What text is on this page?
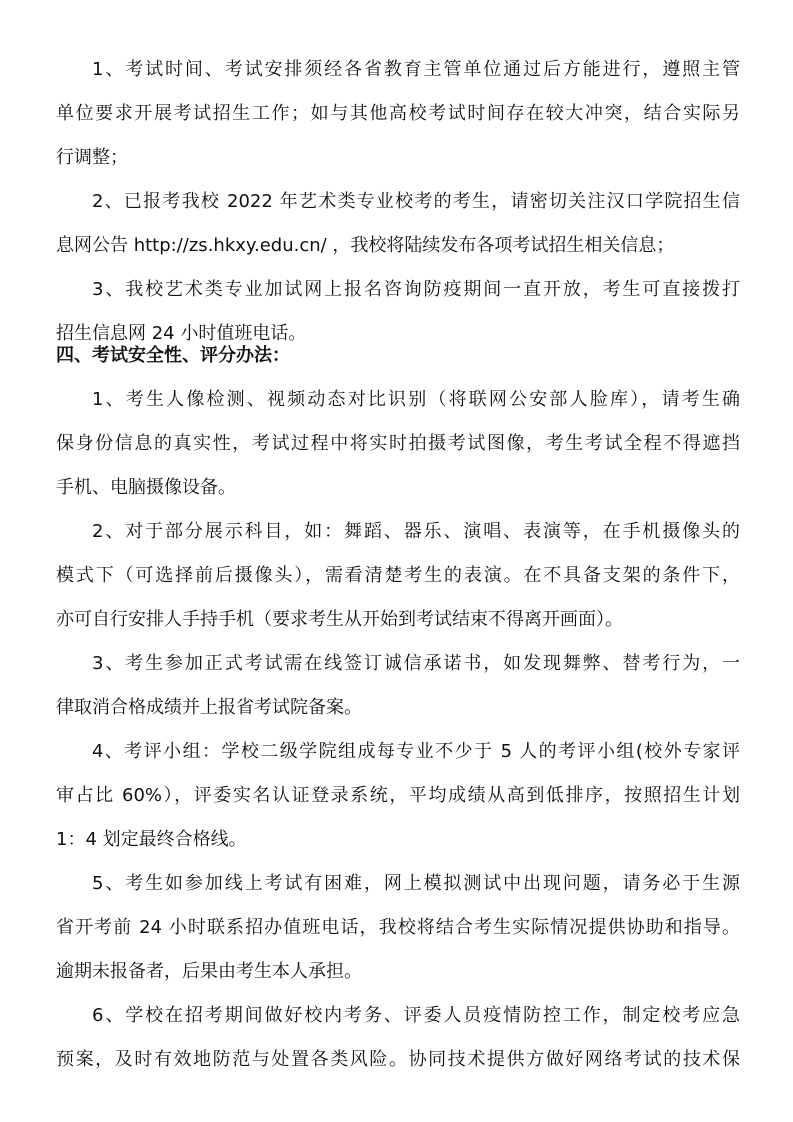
1、考试时间、考试安排须经各省教育主管单位通过后方能进行，遵照主管
单位要求开展考试招生工作；如与其他高校考试时间存在较大冲突，结合实际另
行调整；
2、已报考我校 2022 年艺术类专业校考的考生，请密切关注汉口学院招生信
息网公告 http://zs.hkxy.edu.cn/ ，我校将陆续发布各项考试招生相关信息；
3、我校艺术类专业加试网上报名咨询防疫期间一直开放，考生可直接拨打
招生信息网 24 小时值班电话。
四、考试安全性、评分办法：
1、考生人像检测、视频动态对比识别（将联网公安部人脸库），请考生确
保身份信息的真实性，考试过程中将实时拍摄考试图像，考生考试全程不得遮挡
手机、电脑摄像设备。
2、对于部分展示科目，如：舞蹈、器乐、演唱、表演等，在手机摄像头的
模式下（可选择前后摄像头），需看清楚考生的表演。在不具备支架的条件下，
亦可自行安排人手持手机（要求考生从开始到考试结束不得离开画面）。
3、考生参加正式考试需在线签订诚信承诺书，如发现舞弊、替考行为，一
律取消合格成绩并上报省考试院备案。
4、考评小组：学校二级学院组成每专业不少于 5 人的考评小组(校外专家评
审占比 60%），评委实名认证登录系统，平均成绩从高到低排序，按照招生计划
1：4 划定最终合格线。
5、考生如参加线上考试有困难，网上模拟测试中出现问题，请务必于生源
省开考前 24 小时联系招办值班电话，我校将结合考生实际情况提供协助和指导。
逾期未报备者，后果由考生本人承担。
6、学校在招考期间做好校内考务、评委人员疫情防控工作，制定校考应急
预案，及时有效地防范与处置各类风险。协同技术提供方做好网络考试的技术保
